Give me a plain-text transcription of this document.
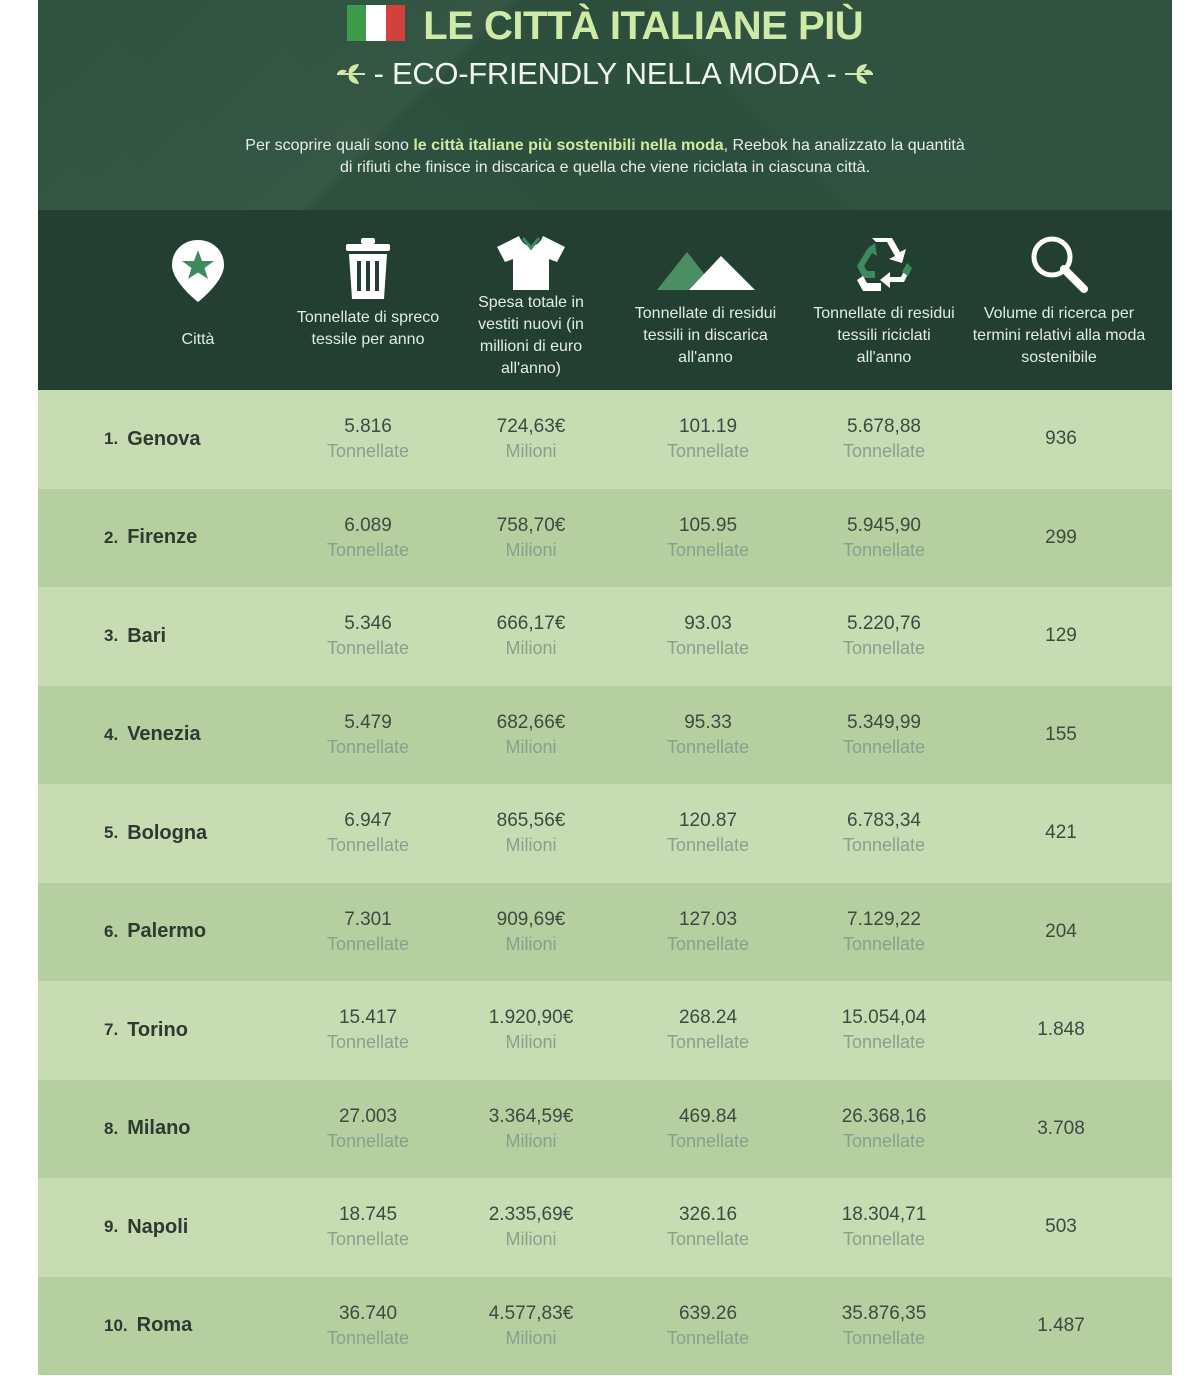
LE CITTÀ ITALIANE PIÙ
- ECO-FRIENDLY NELLA MODA -

Per scoprire quali sono le città italiane più sostenibili nella moda, Reebok ha analizzato la quantità di rifiuti che finisce in discarica e quella che viene riciclata in ciascuna città.

Città
Tonnellate di spreco tessile per anno
Spesa totale in vestiti nuovi (in millioni di euro all'anno)
Tonnellate di residui tessili in discarica all'anno
Tonnellate di residui tessili riciclati all'anno
Volume di ricerca per termini relativi alla moda sostenibile
1. Genova
5.816
Tonnellate
724,63€
Milioni
101.19
Tonnellate
5.678,88
Tonnellate
936
2. Firenze
6.089
Tonnellate
758,70€
Milioni
105.95
Tonnellate
5.945,90
Tonnellate
299
3. Bari
5.346
Tonnellate
666,17€
Milioni
93.03
Tonnellate
5.220,76
Tonnellate
129
4. Venezia
5.479
Tonnellate
682,66€
Milioni
95.33
Tonnellate
5.349,99
Tonnellate
155
5. Bologna
6.947
Tonnellate
865,56€
Milioni
120.87
Tonnellate
6.783,34
Tonnellate
421
6. Palermo
7.301
Tonnellate
909,69€
Milioni
127.03
Tonnellate
7.129,22
Tonnellate
204
7. Torino
15.417
Tonnellate
1.920,90€
Milioni
268.24
Tonnellate
15.054,04
Tonnellate
1.848
8. Milano
27.003
Tonnellate
3.364,59€
Milioni
469.84
Tonnellate
26.368,16
Tonnellate
3.708
9. Napoli
18.745
Tonnellate
2.335,69€
Milioni
326.16
Tonnellate
18.304,71
Tonnellate
503
10. Roma
36.740
Tonnellate
4.577,83€
Milioni
639.26
Tonnellate
35.876,35
Tonnellate
1.487
